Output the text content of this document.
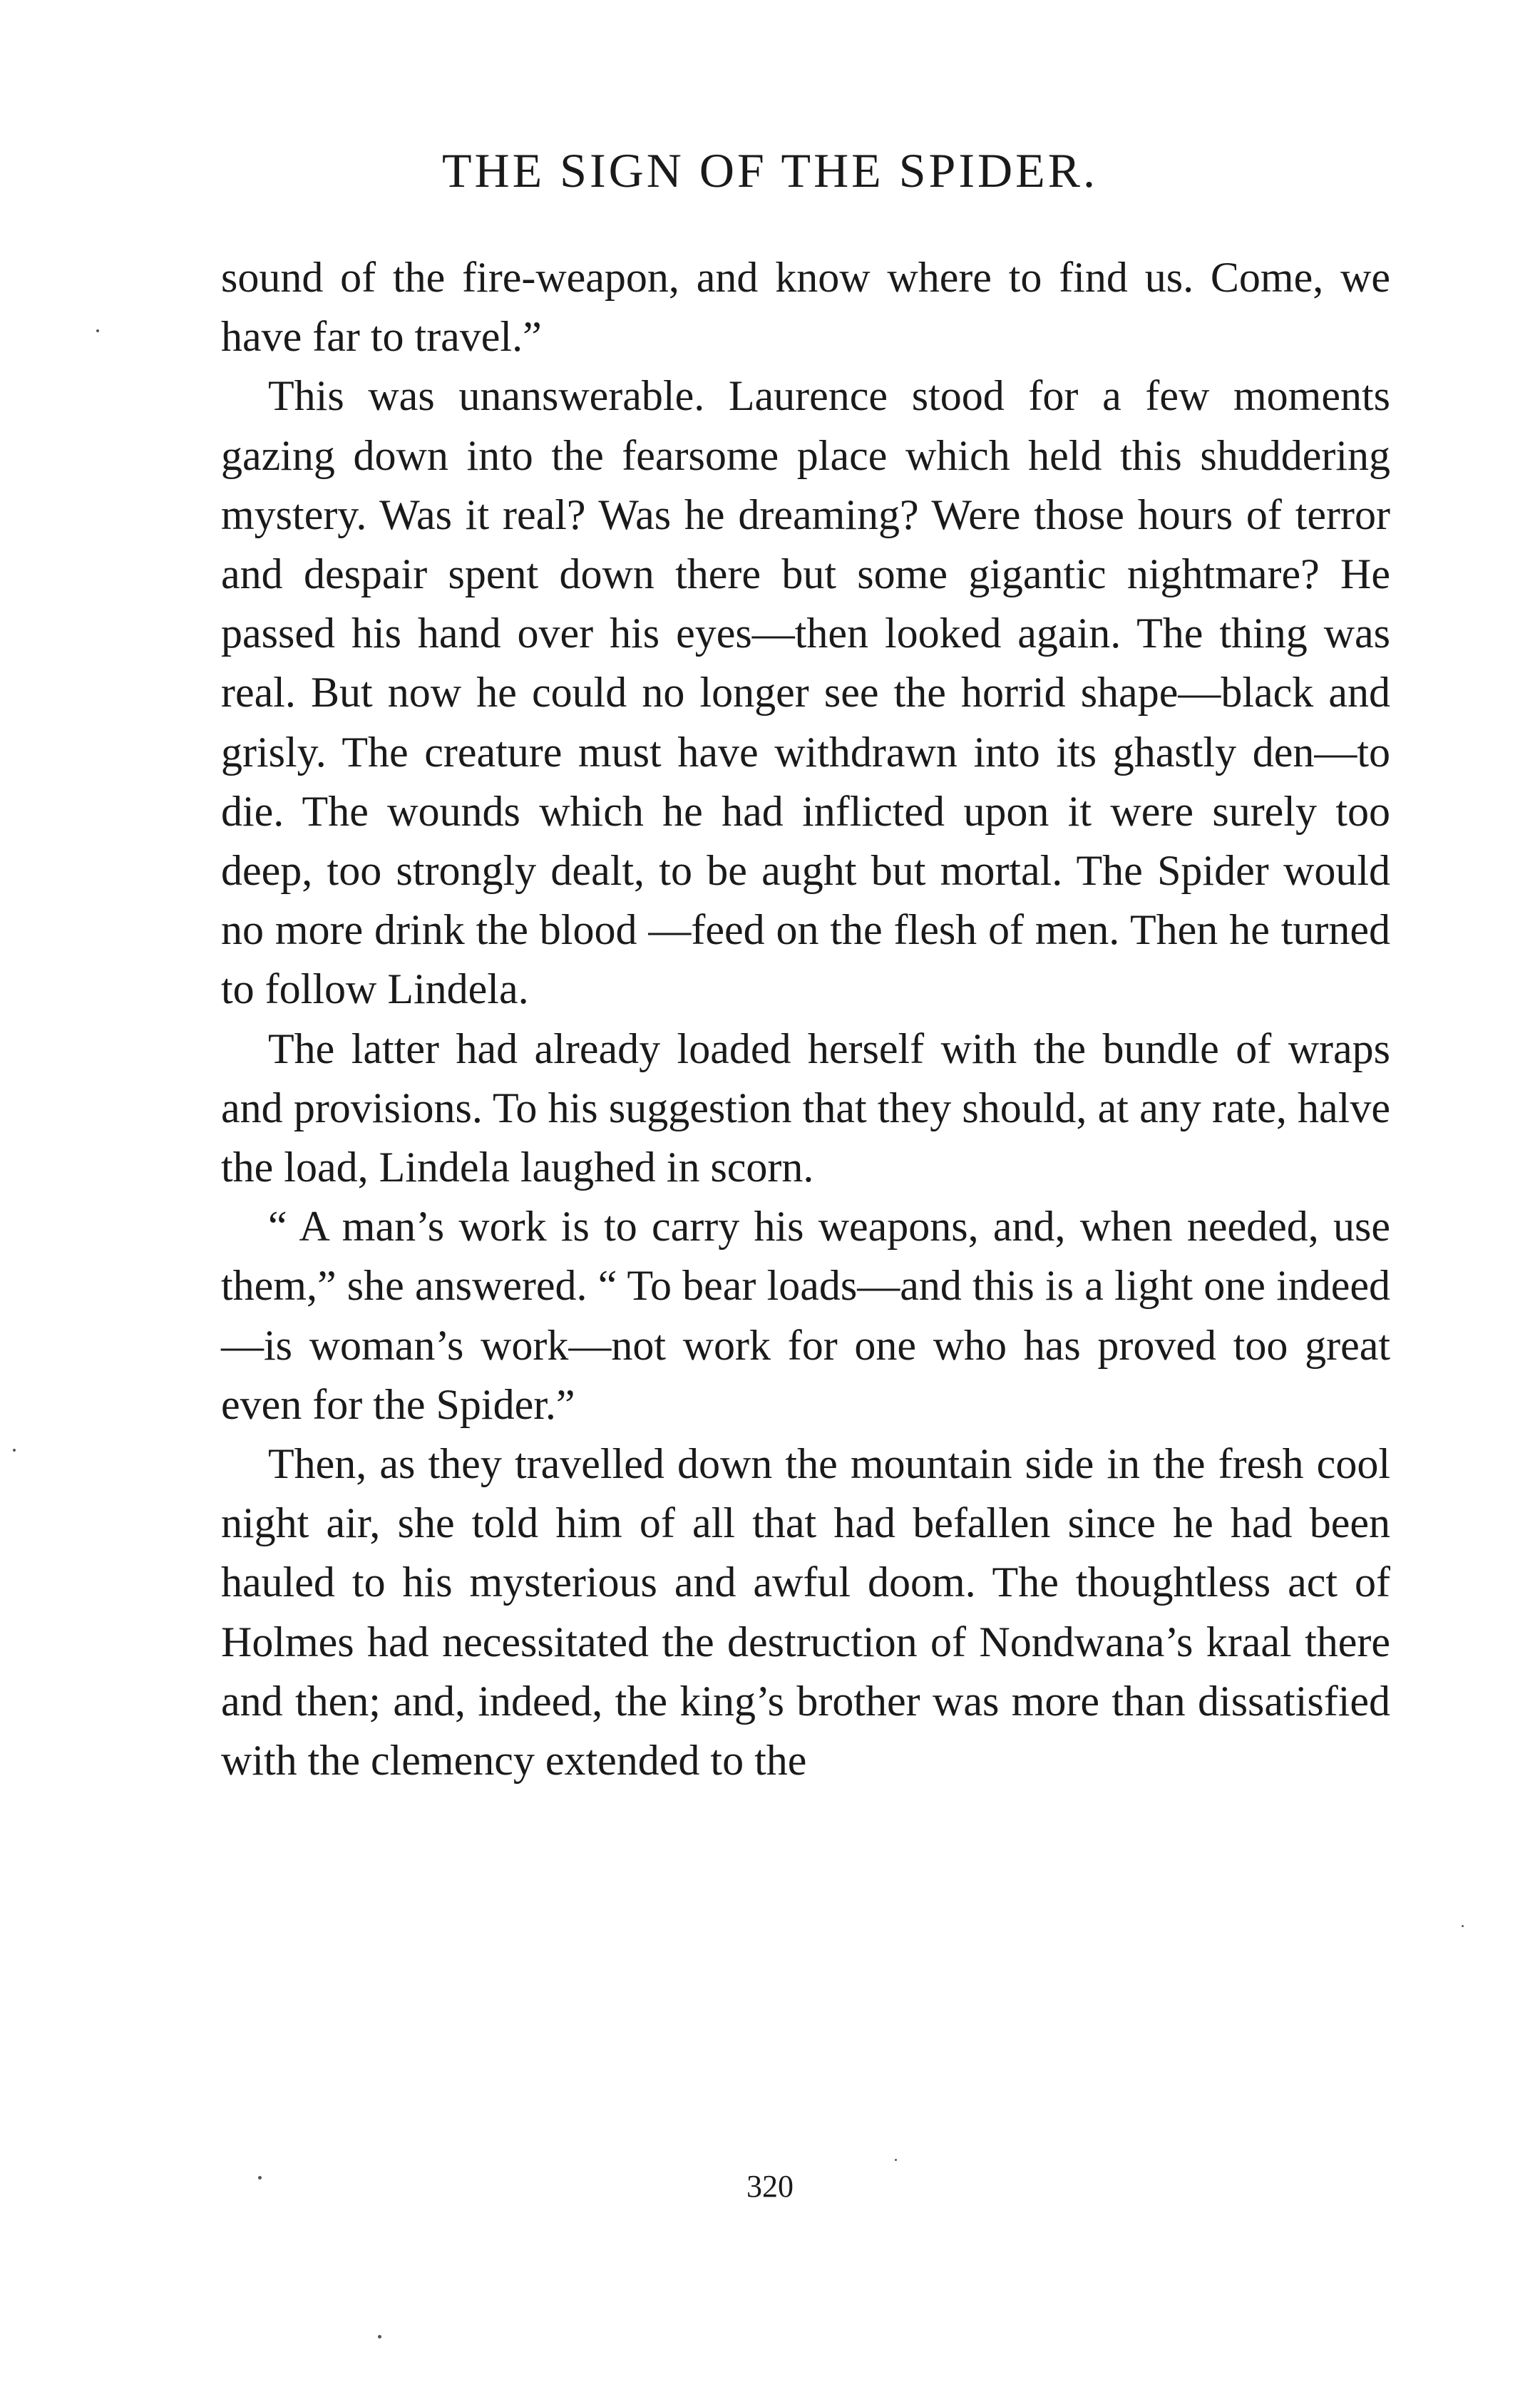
THE SIGN OF THE SPIDER.

sound of the fire-weapon, and know where to find us. Come, we have far to travel.”

This was unanswerable. Laurence stood for a few moments gazing down into the fearsome place which held this shuddering mystery. Was it real? Was he dreaming? Were those hours of terror and despair spent down there but some gigantic nightmare? He passed his hand over his eyes—then looked again. The thing was real. But now he could no longer see the horrid shape—black and grisly. The creature must have withdrawn into its ghastly den—to die. The wounds which he had inflicted upon it were surely too deep, too strongly dealt, to be aught but mortal. The Spider would no more drink the blood —feed on the flesh of men. Then he turned to follow Lindela.

The latter had already loaded herself with the bundle of wraps and provisions. To his suggestion that they should, at any rate, halve the load, Lindela laughed in scorn.

“ A man’s work is to carry his weapons, and, when needed, use them,” she answered. “ To bear loads—and this is a light one indeed—is woman’s work—not work for one who has proved too great even for the Spider.”

Then, as they travelled down the mountain side in the fresh cool night air, she told him of all that had befallen since he had been hauled to his mysterious and awful doom. The thoughtless act of Holmes had necessitated the destruction of Nondwana’s kraal there and then; and, indeed, the king’s brother was more than dissatisfied with the clemency extended to the

320
